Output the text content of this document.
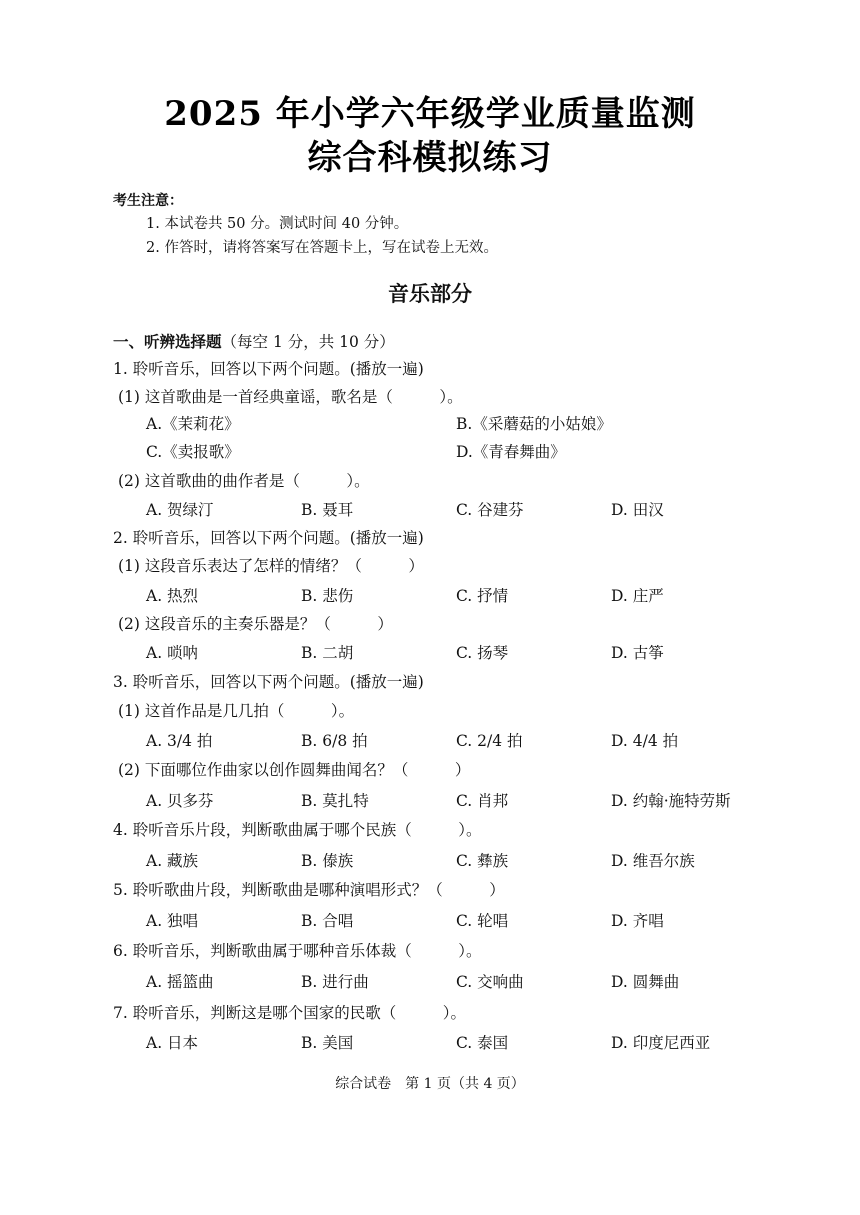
2025 年小学六年级学业质量监测
综合科模拟练习
考生注意：
1. 本试卷共 50 分。测试时间 40 分钟。
2. 作答时，请将答案写在答题卡上，写在试卷上无效。
音乐部分
一、听辨选择题（每空 1 分，共 10 分）
1. 聆听音乐，回答以下两个问题。(播放一遍)
(1) 这首歌曲是一首经典童谣，歌名是（　　　）。
A.《茉莉花》	B.《采蘑菇的小姑娘》
C.《卖报歌》	D.《青春舞曲》
(2) 这首歌曲的曲作者是（　　　）。
A. 贺绿汀	B. 聂耳	C. 谷建芬	D. 田汉
2. 聆听音乐，回答以下两个问题。(播放一遍)
(1) 这段音乐表达了怎样的情绪？（　　　）
A. 热烈	B. 悲伤	C. 抒情	D. 庄严
(2) 这段音乐的主奏乐器是？（　　　）
A. 唢呐	B. 二胡	C. 扬琴	D. 古筝
3. 聆听音乐，回答以下两个问题。(播放一遍)
(1) 这首作品是几几拍（　　　）。
A. 3/4 拍	B. 6/8 拍	C. 2/4 拍	D. 4/4 拍
(2) 下面哪位作曲家以创作圆舞曲闻名？（　　　）
A. 贝多芬	B. 莫扎特	C. 肖邦	D. 约翰·施特劳斯
4. 聆听音乐片段，判断歌曲属于哪个民族（　　　）。
A. 藏族	B. 傣族	C. 彝族	D. 维吾尔族
5. 聆听歌曲片段，判断歌曲是哪种演唱形式？（　　　）
A. 独唱	B. 合唱	C. 轮唱	D. 齐唱
6. 聆听音乐，判断歌曲属于哪种音乐体裁（　　　）。
A. 摇篮曲	B. 进行曲	C. 交响曲	D. 圆舞曲
7. 聆听音乐，判断这是哪个国家的民歌（　　　）。
A. 日本	B. 美国	C. 泰国	D. 印度尼西亚
综合试卷　第 1 页（共 4 页）
